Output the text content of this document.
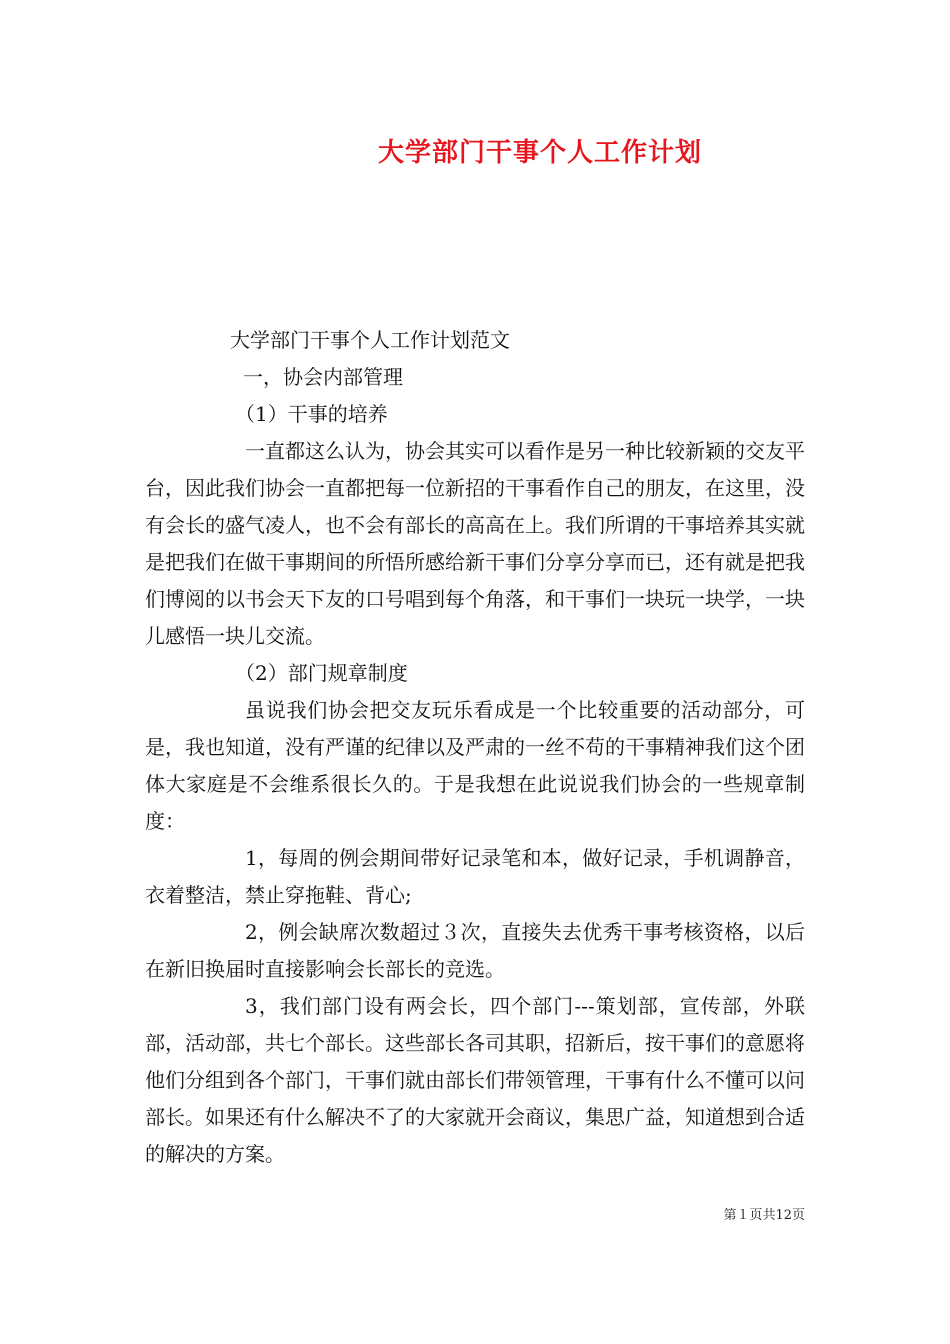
大学部门干事个人工作计划
大学部门干事个人工作计划范文
一，协会内部管理
（1）干事的培养
一直都这么认为，协会其实可以看作是另一种比较新颖的交友平台，因此我们协会一直都把每一位新招的干事看作自己的朋友，在这里，没有会长的盛气凌人，也不会有部长的高高在上。我们所谓的干事培养其实就是把我们在做干事期间的所悟所感给新干事们分享分享而已，还有就是把我们博阅的以书会天下友的口号唱到每个角落，和干事们一块玩一块学，一块儿感悟一块儿交流。
（2）部门规章制度
虽说我们协会把交友玩乐看成是一个比较重要的活动部分，可是，我也知道，没有严谨的纪律以及严肃的一丝不苟的干事精神我们这个团体大家庭是不会维系很长久的。于是我想在此说说我们协会的一些规章制度：
1，每周的例会期间带好记录笔和本，做好记录，手机调静音，衣着整洁，禁止穿拖鞋、背心;
2，例会缺席次数超过３次，直接失去优秀干事考核资格，以后在新旧换届时直接影响会长部长的竞选。
3，我们部门设有两会长，四个部门---策划部，宣传部，外联部，活动部，共七个部长。这些部长各司其职，招新后，按干事们的意愿将他们分组到各个部门，干事们就由部长们带领管理，干事有什么不懂可以问部长。如果还有什么解决不了的大家就开会商议，集思广益，知道想到合适的解决的方案。
第１页共12页
